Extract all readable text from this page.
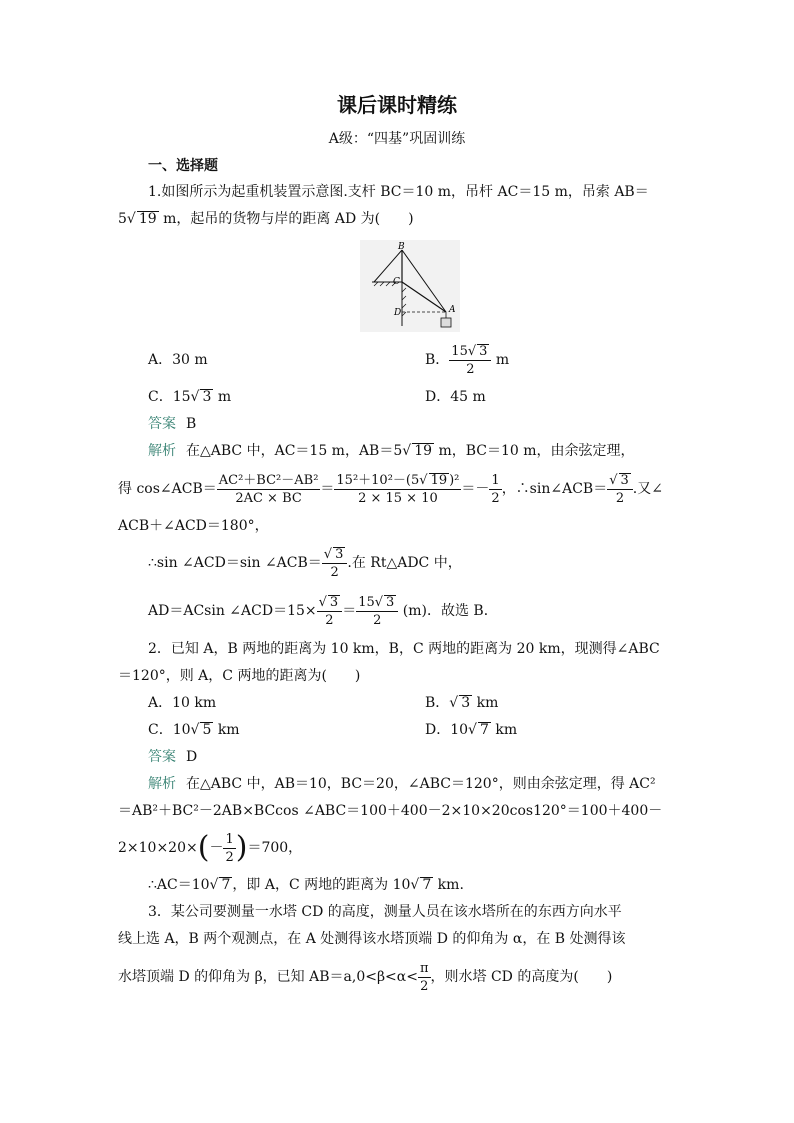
课后课时精练
A级：“四基”巩固训练
一、选择题
1.如图所示为起重机装置示意图.支杆 BC＝10 m，吊杆 AC＝15 m，吊索 AB＝
5√ 19 m，起吊的货物与岸的距离 AD 为(　　)
B
C
D	A
A．30 m	B． $\frac{15√ 3}{2}$ m
C．15√ 3 m	D．45 m
答案 B
解析 在△ABC 中，AC＝15 m，AB＝5√ 19 m，BC＝10 m，由余弦定理，
得 cos∠ACB＝ $\frac{\text{AC²＋BC²－AB²}}{2AC \times BC} = \frac{\text{15²＋10²－(5√ 19 )²}}{2 \times 15 \times 10} =- \frac{1}{2}$ ，∴sin∠ACB＝ $\frac{√ 3}{2}$ .又∠
ACB＋∠ACD＝180°，
∴sin ∠ACD＝sin ∠ACB＝ $\frac{√ 3}{2}$ .在 Rt△ADC 中，
AD＝ACsin ∠ACD＝15× $\frac{√ 3}{2} = \frac{15√ 3}{2} (m)$．故选 B．
2．已知 A，B 两地的距离为 10 km，B，C 两地的距离为 20 km，现测得∠ABC
＝120°，则 A，C 两地的距离为(　　)
A．10 km	B．√ 3 km
C．10√ 5 km	D．10√ 7 km
答案 D
解析 在△ABC 中，AB＝10，BC＝20，∠ABC＝120°，则由余弦定理，得 AC²
＝AB²＋BC²－2AB×BCcos ∠ABC＝100＋400－2×10×20cos120°＝100＋400－
$2\times 10\times 20\times(- \frac{1}{2} )=700$，
∴AC＝10√ 7 ，即 A，C 两地的距离为 10√ 7 km.
3．某公司要测量一水塔 CD 的高度，测量人员在该水塔所在的东西方向水平
线上选 A，B 两个观测点，在 A 处测得该水塔顶端 D 的仰角为 α，在 B 处测得该
水塔顶端 D 的仰角为 β，已知 $AB=a,0<\beta<\alpha< \frac{\pi}{2}$ ，则水塔 CD 的高度为(　　)
